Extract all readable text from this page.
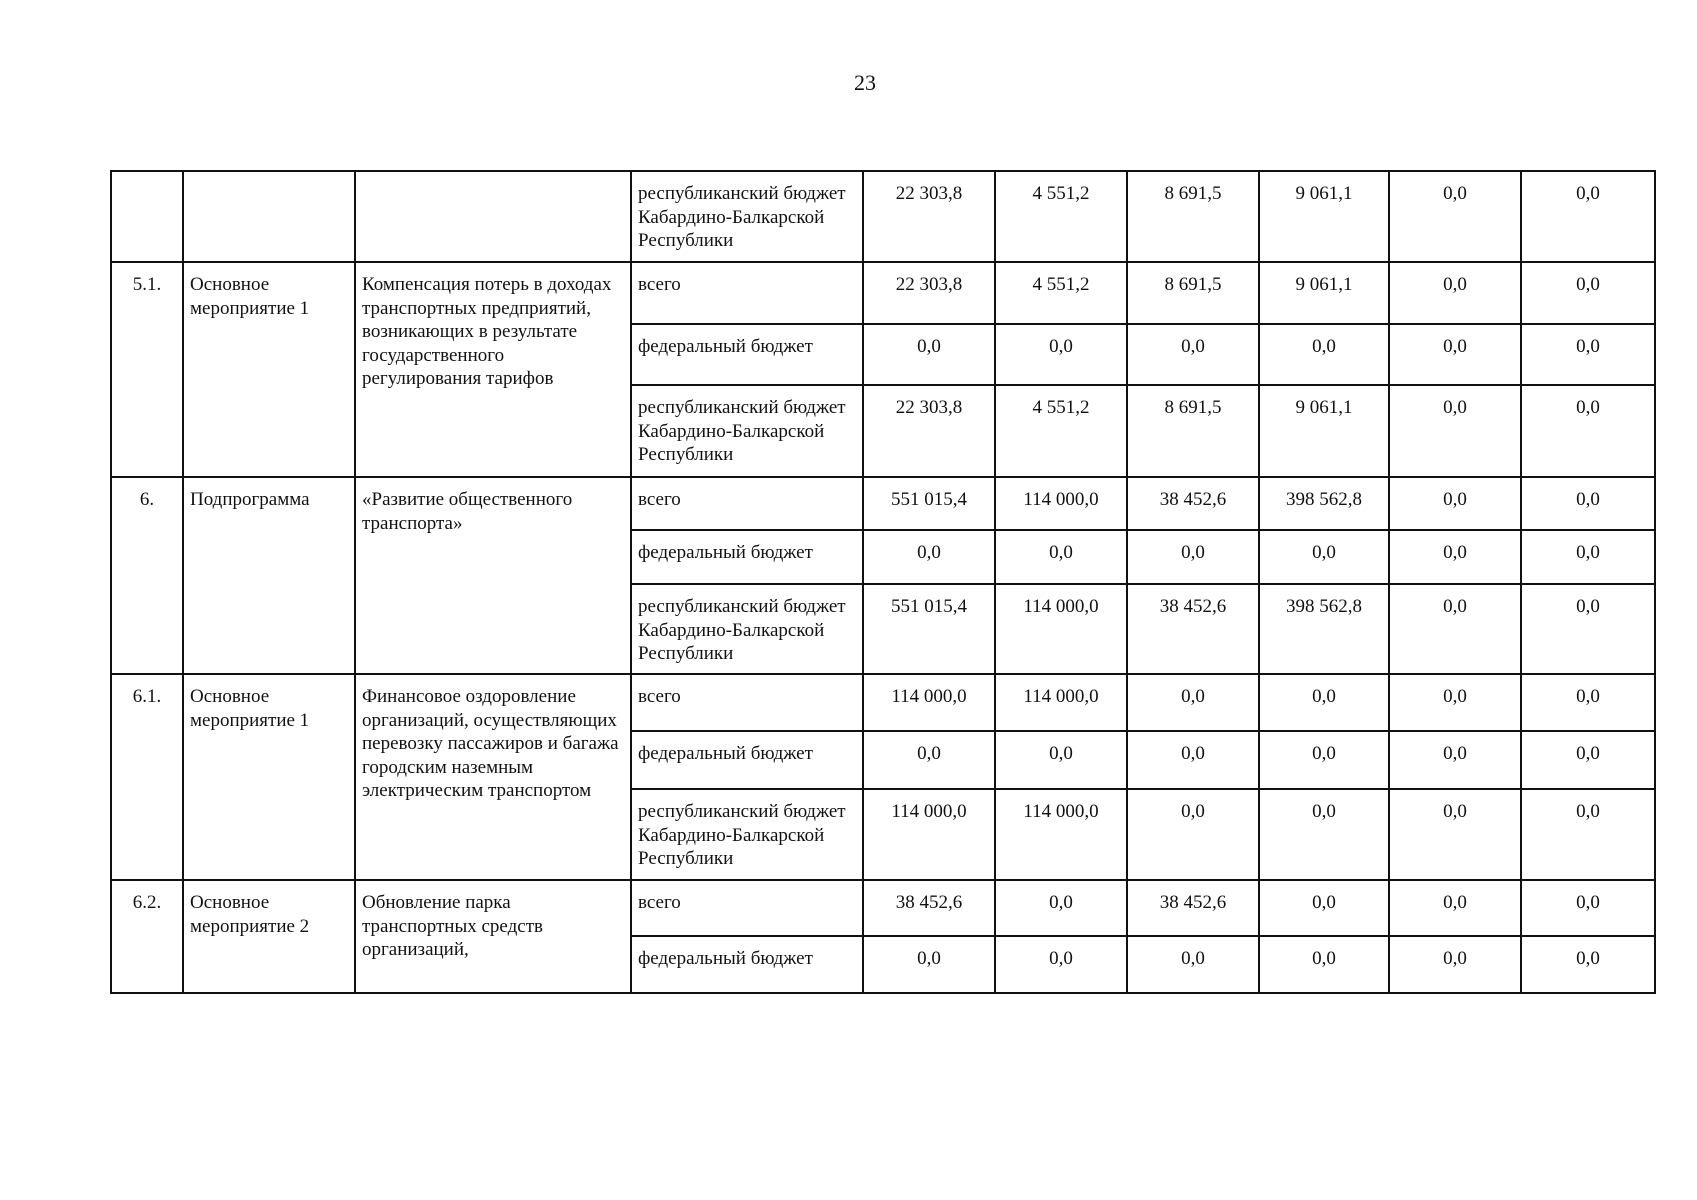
23
			республиканский бюджет Кабардино-Балкарской Республики	22 303,8	4 551,2	8 691,5	9 061,1	0,0	0,0
5.1.	Основное мероприятие 1	Компенсация потерь в доходах транспортных предприятий, возникающих в результате государственного регулирования тарифов	всего	22 303,8	4 551,2	8 691,5	9 061,1	0,0	0,0
			федеральный бюджет	0,0	0,0	0,0	0,0	0,0	0,0
			республиканский бюджет Кабардино-Балкарской Республики	22 303,8	4 551,2	8 691,5	9 061,1	0,0	0,0
6.	Подпрограмма	«Развитие общественного транспорта»	всего	551 015,4	114 000,0	38 452,6	398 562,8	0,0	0,0
			федеральный бюджет	0,0	0,0	0,0	0,0	0,0	0,0
			республиканский бюджет Кабардино-Балкарской Республики	551 015,4	114 000,0	38 452,6	398 562,8	0,0	0,0
6.1.	Основное мероприятие 1	Финансовое оздоровление организаций, осуществляющих перевозку пассажиров и багажа городским наземным электрическим транспортом	всего	114 000,0	114 000,0	0,0	0,0	0,0	0,0
			федеральный бюджет	0,0	0,0	0,0	0,0	0,0	0,0
			республиканский бюджет Кабардино-Балкарской Республики	114 000,0	114 000,0	0,0	0,0	0,0	0,0
6.2.	Основное мероприятие 2	Обновление парка транспортных средств организаций,	всего	38 452,6	0,0	38 452,6	0,0	0,0	0,0
			федеральный бюджет	0,0	0,0	0,0	0,0	0,0	0,0
